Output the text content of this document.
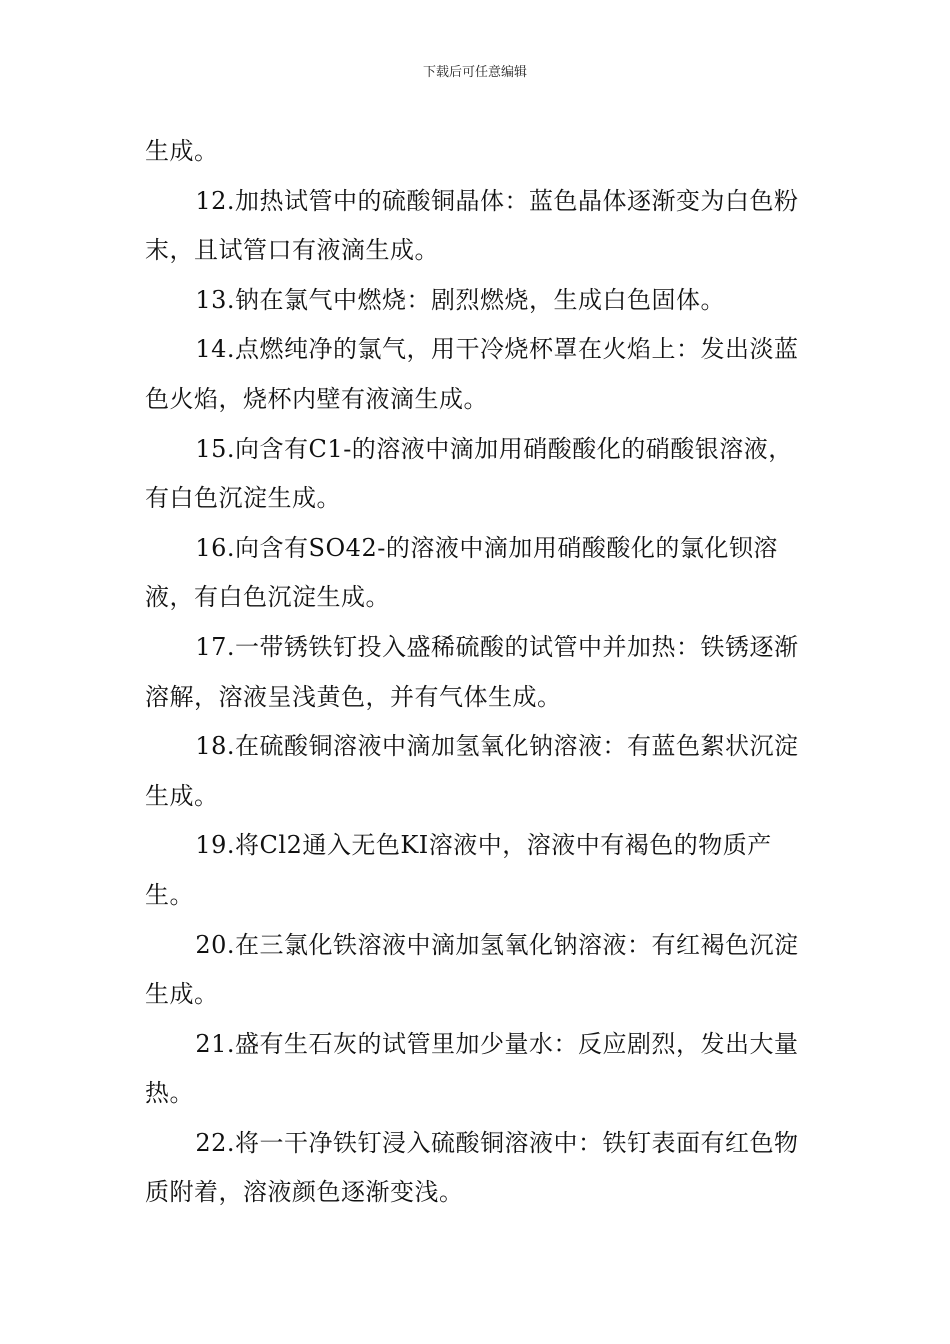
下载后可任意编辑

生成。

12.加热试管中的硫酸铜晶体：蓝色晶体逐渐变为白色粉末，且试管口有液滴生成。

13.钠在氯气中燃烧：剧烈燃烧，生成白色固体。

14.点燃纯净的氯气，用干冷烧杯罩在火焰上：发出淡蓝色火焰，烧杯内壁有液滴生成。

15.向含有C1-的溶液中滴加用硝酸酸化的硝酸银溶液，有白色沉淀生成。

16.向含有SO42-的溶液中滴加用硝酸酸化的氯化钡溶液，有白色沉淀生成。

17.一带锈铁钉投入盛稀硫酸的试管中并加热：铁锈逐渐溶解，溶液呈浅黄色，并有气体生成。

18.在硫酸铜溶液中滴加氢氧化钠溶液：有蓝色絮状沉淀生成。

19.将Cl2通入无色KI溶液中，溶液中有褐色的物质产生。

20.在三氯化铁溶液中滴加氢氧化钠溶液：有红褐色沉淀生成。

21.盛有生石灰的试管里加少量水：反应剧烈，发出大量热。

22.将一干净铁钉浸入硫酸铜溶液中：铁钉表面有红色物质附着，溶液颜色逐渐变浅。
